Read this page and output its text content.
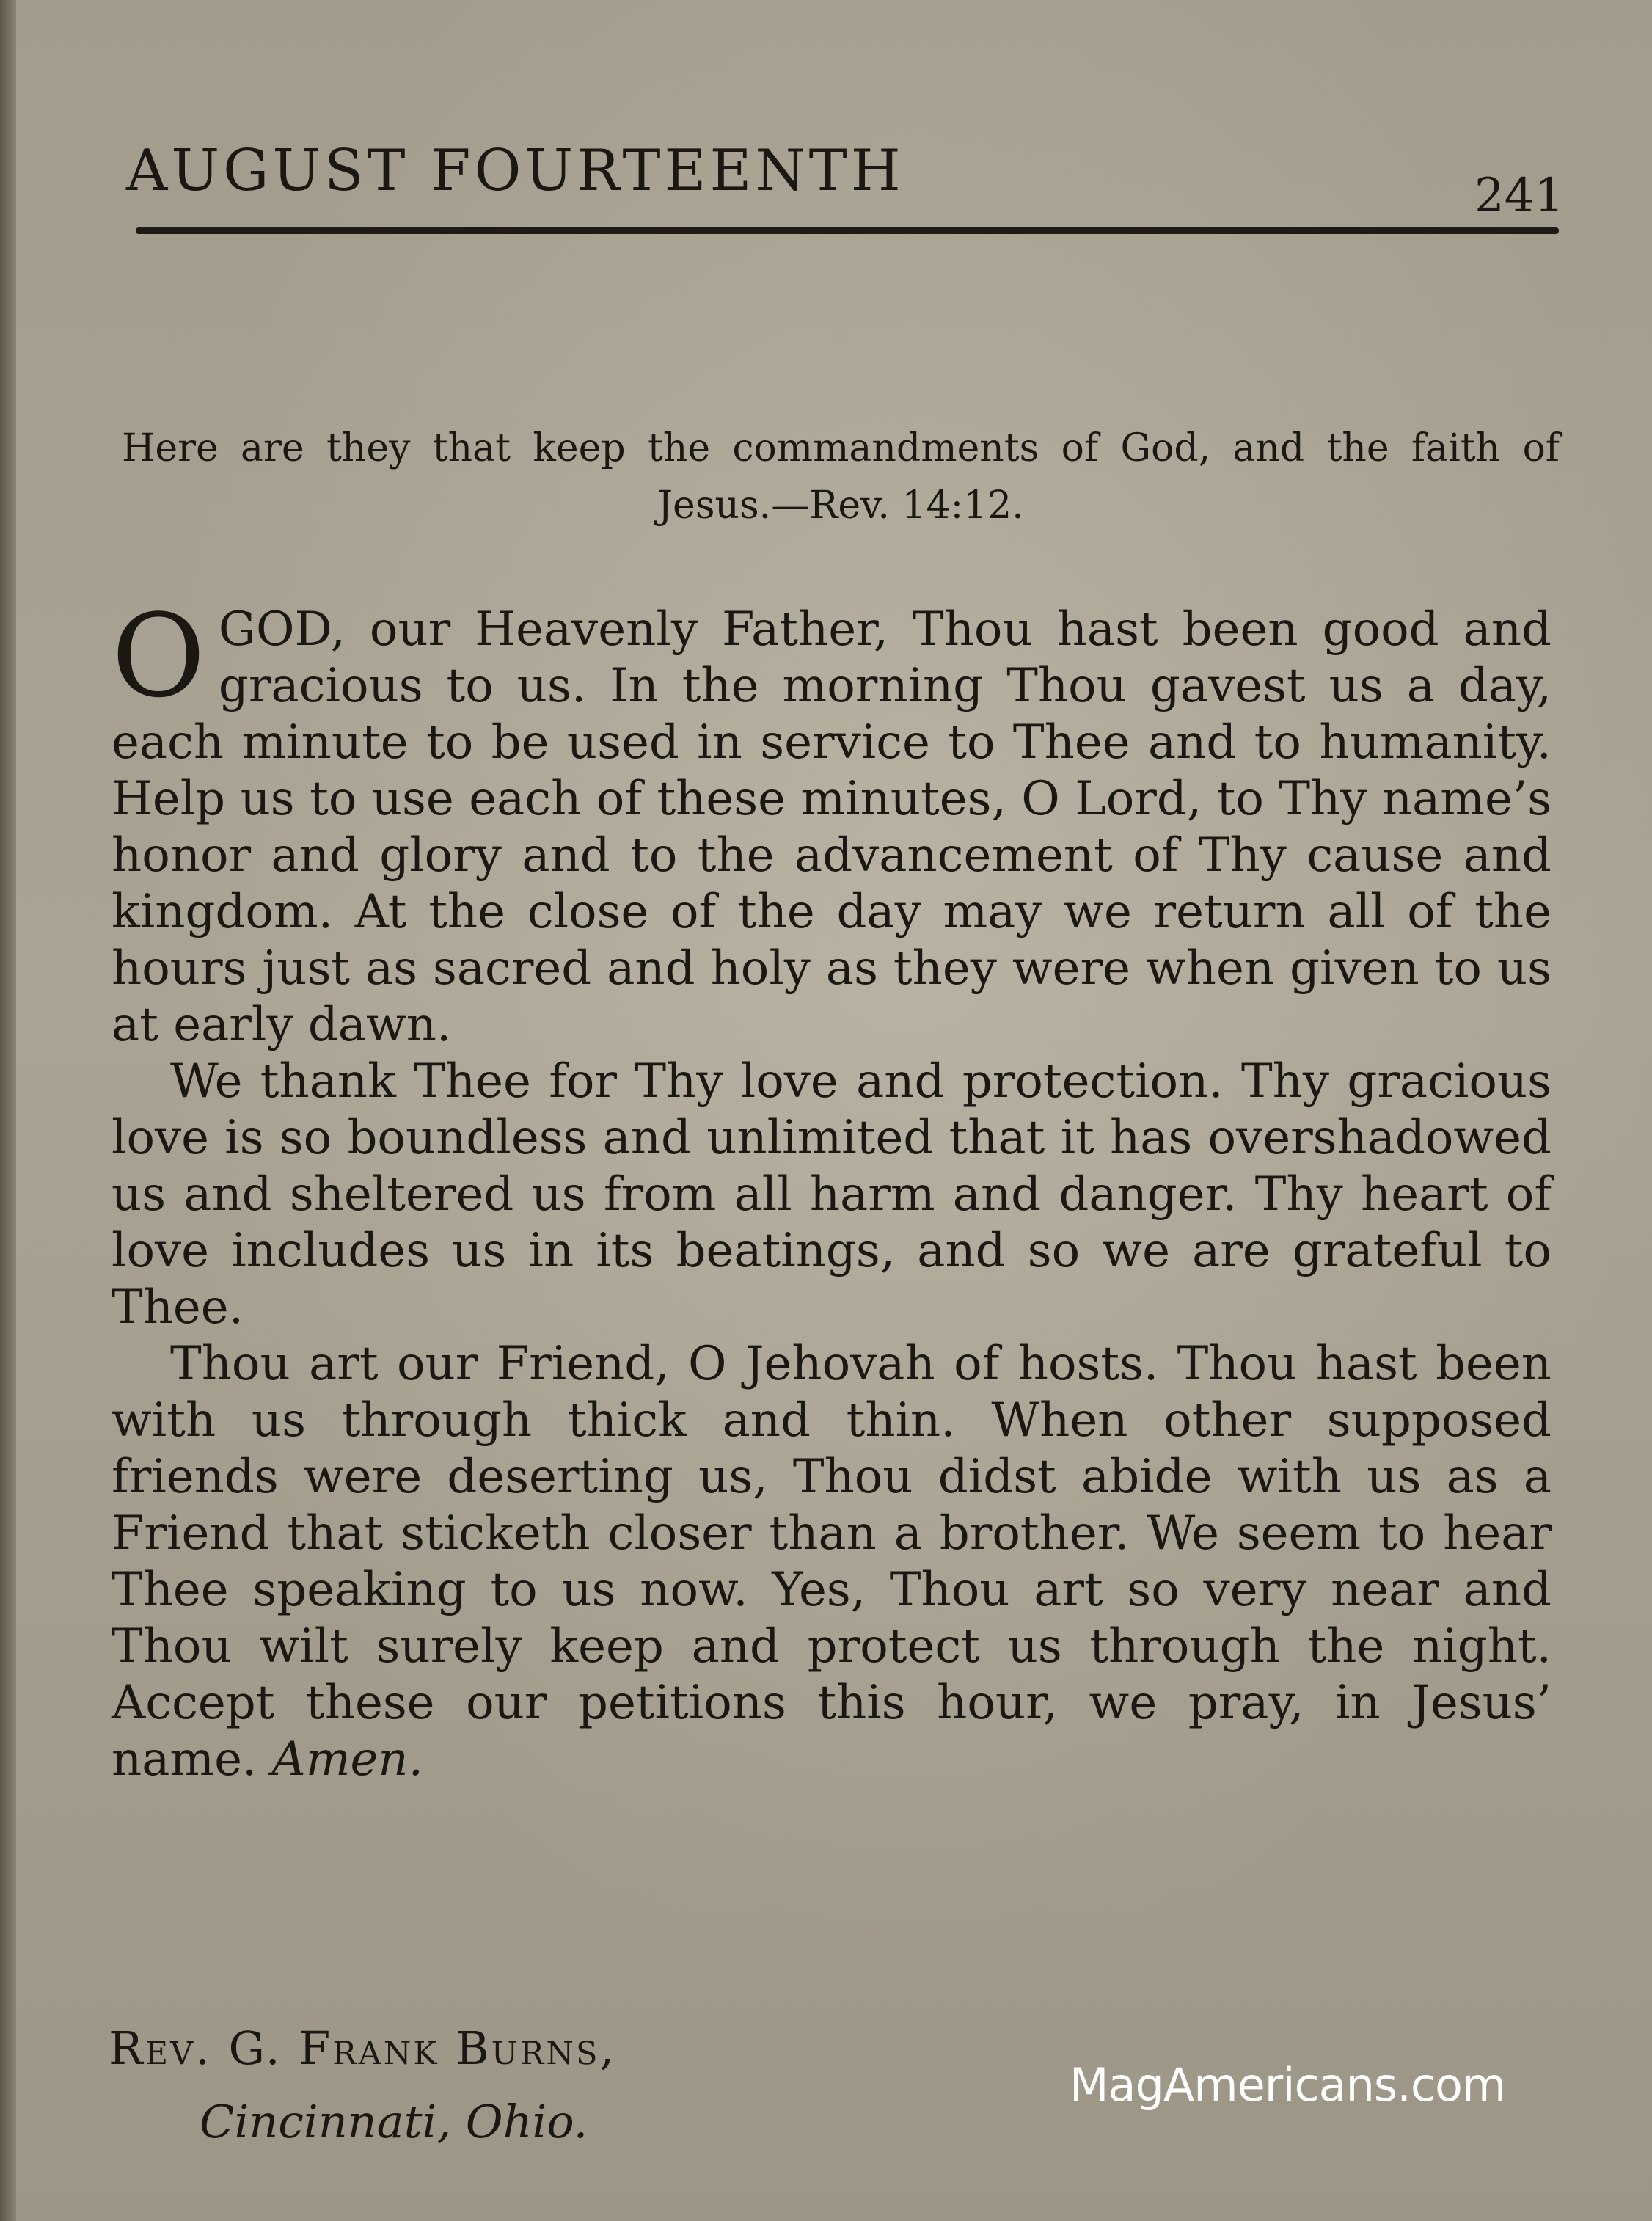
AUGUST FOURTEENTH	241
Here are they that keep the commandments of God, and the faith of Jesus.—Rev. 14:12.

OGOD, our Heavenly Father, Thou hast been good and gracious to us. In the morning Thou gavest us a day, each minute to be used in service to Thee and to humanity. Help us to use each of these minutes, O Lord, to Thy name’s honor and glory and to the advancement of Thy cause and kingdom. At the close of the day may we return all of the hours just as sacred and holy as they were when given to us at early dawn.

We thank Thee for Thy love and protection. Thy gracious love is so boundless and unlimited that it has overshadowed us and sheltered us from all harm and danger. Thy heart of love includes us in its beatings, and so we are grateful to Thee.

Thou art our Friend, O Jehovah of hosts. Thou hast been with us through thick and thin. When other supposed friends were deserting us, Thou didst abide with us as a Friend that sticketh closer than a brother. We seem to hear Thee speaking to us now. Yes, Thou art so very near and Thou wilt surely keep and protect us through the night. Accept these our petitions this hour, we pray, in Jesus’ name. Amen.

Rev. G. Frank Burns,
Cincinnati, Ohio.
MagAmericans.com
